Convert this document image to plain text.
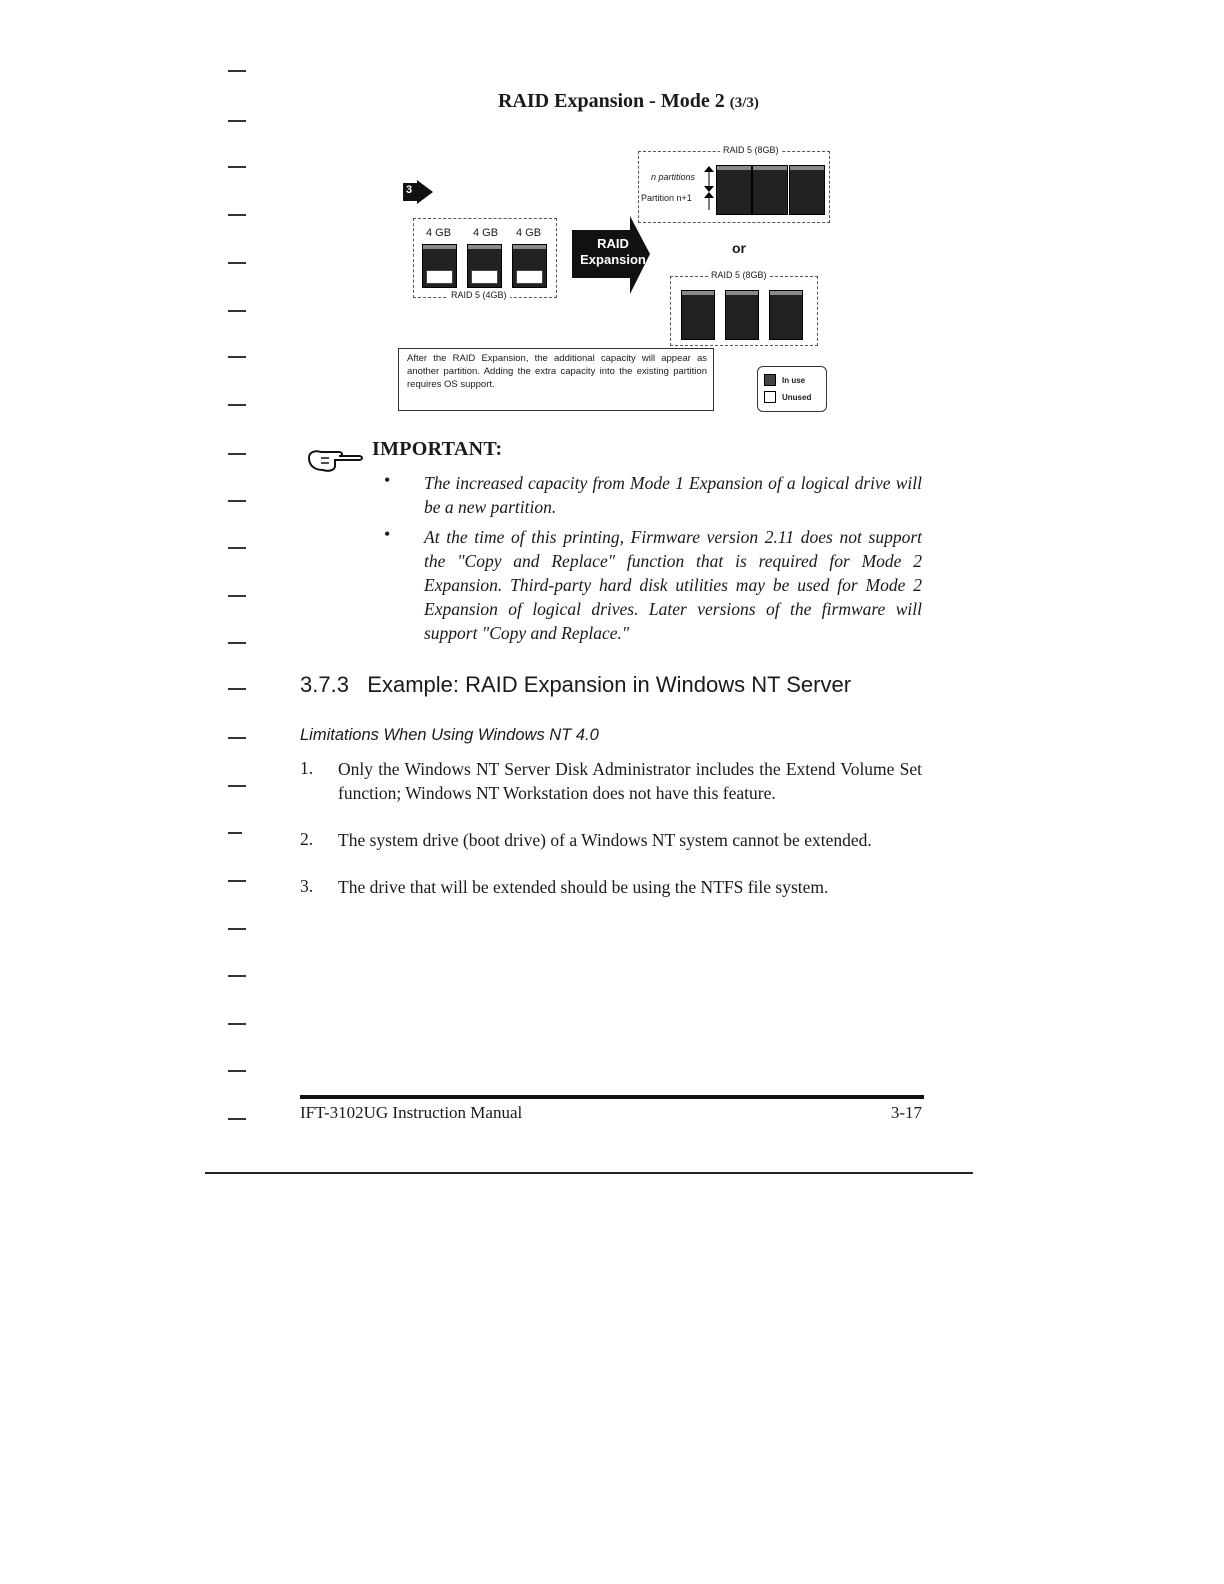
RAID Expansion - Mode 2 (3/3)
3
4 GB 4 GB 4 GB
RAID 5 (4GB)
RAID
Expansion
RAID 5 (8GB)
n partitions
Partition n+1
or
RAID 5 (8GB)
After the RAID Expansion, the additional capacity will appear as another partition. Adding the extra capacity into the existing partition requires OS support.	In use
Unused
IMPORTANT:
• The increased capacity from Mode 1 Expansion of a logical drive will be a new partition.
• At the time of this printing, Firmware version 2.11 does not support the "Copy and Replace" function that is required for Mode 2 Expansion. Third-party hard disk utilities may be used for Mode 2 Expansion of logical drives. Later versions of the firmware will support "Copy and Replace."
3.7.3 Example: RAID Expansion in Windows NT Server
Limitations When Using Windows NT 4.0
1. Only the Windows NT Server Disk Administrator includes the Extend Volume Set function; Windows NT Workstation does not have this feature.
2. The system drive (boot drive) of a Windows NT system cannot be extended.
3. The drive that will be extended should be using the NTFS file system.
IFT-3102UG Instruction Manual	3-17
